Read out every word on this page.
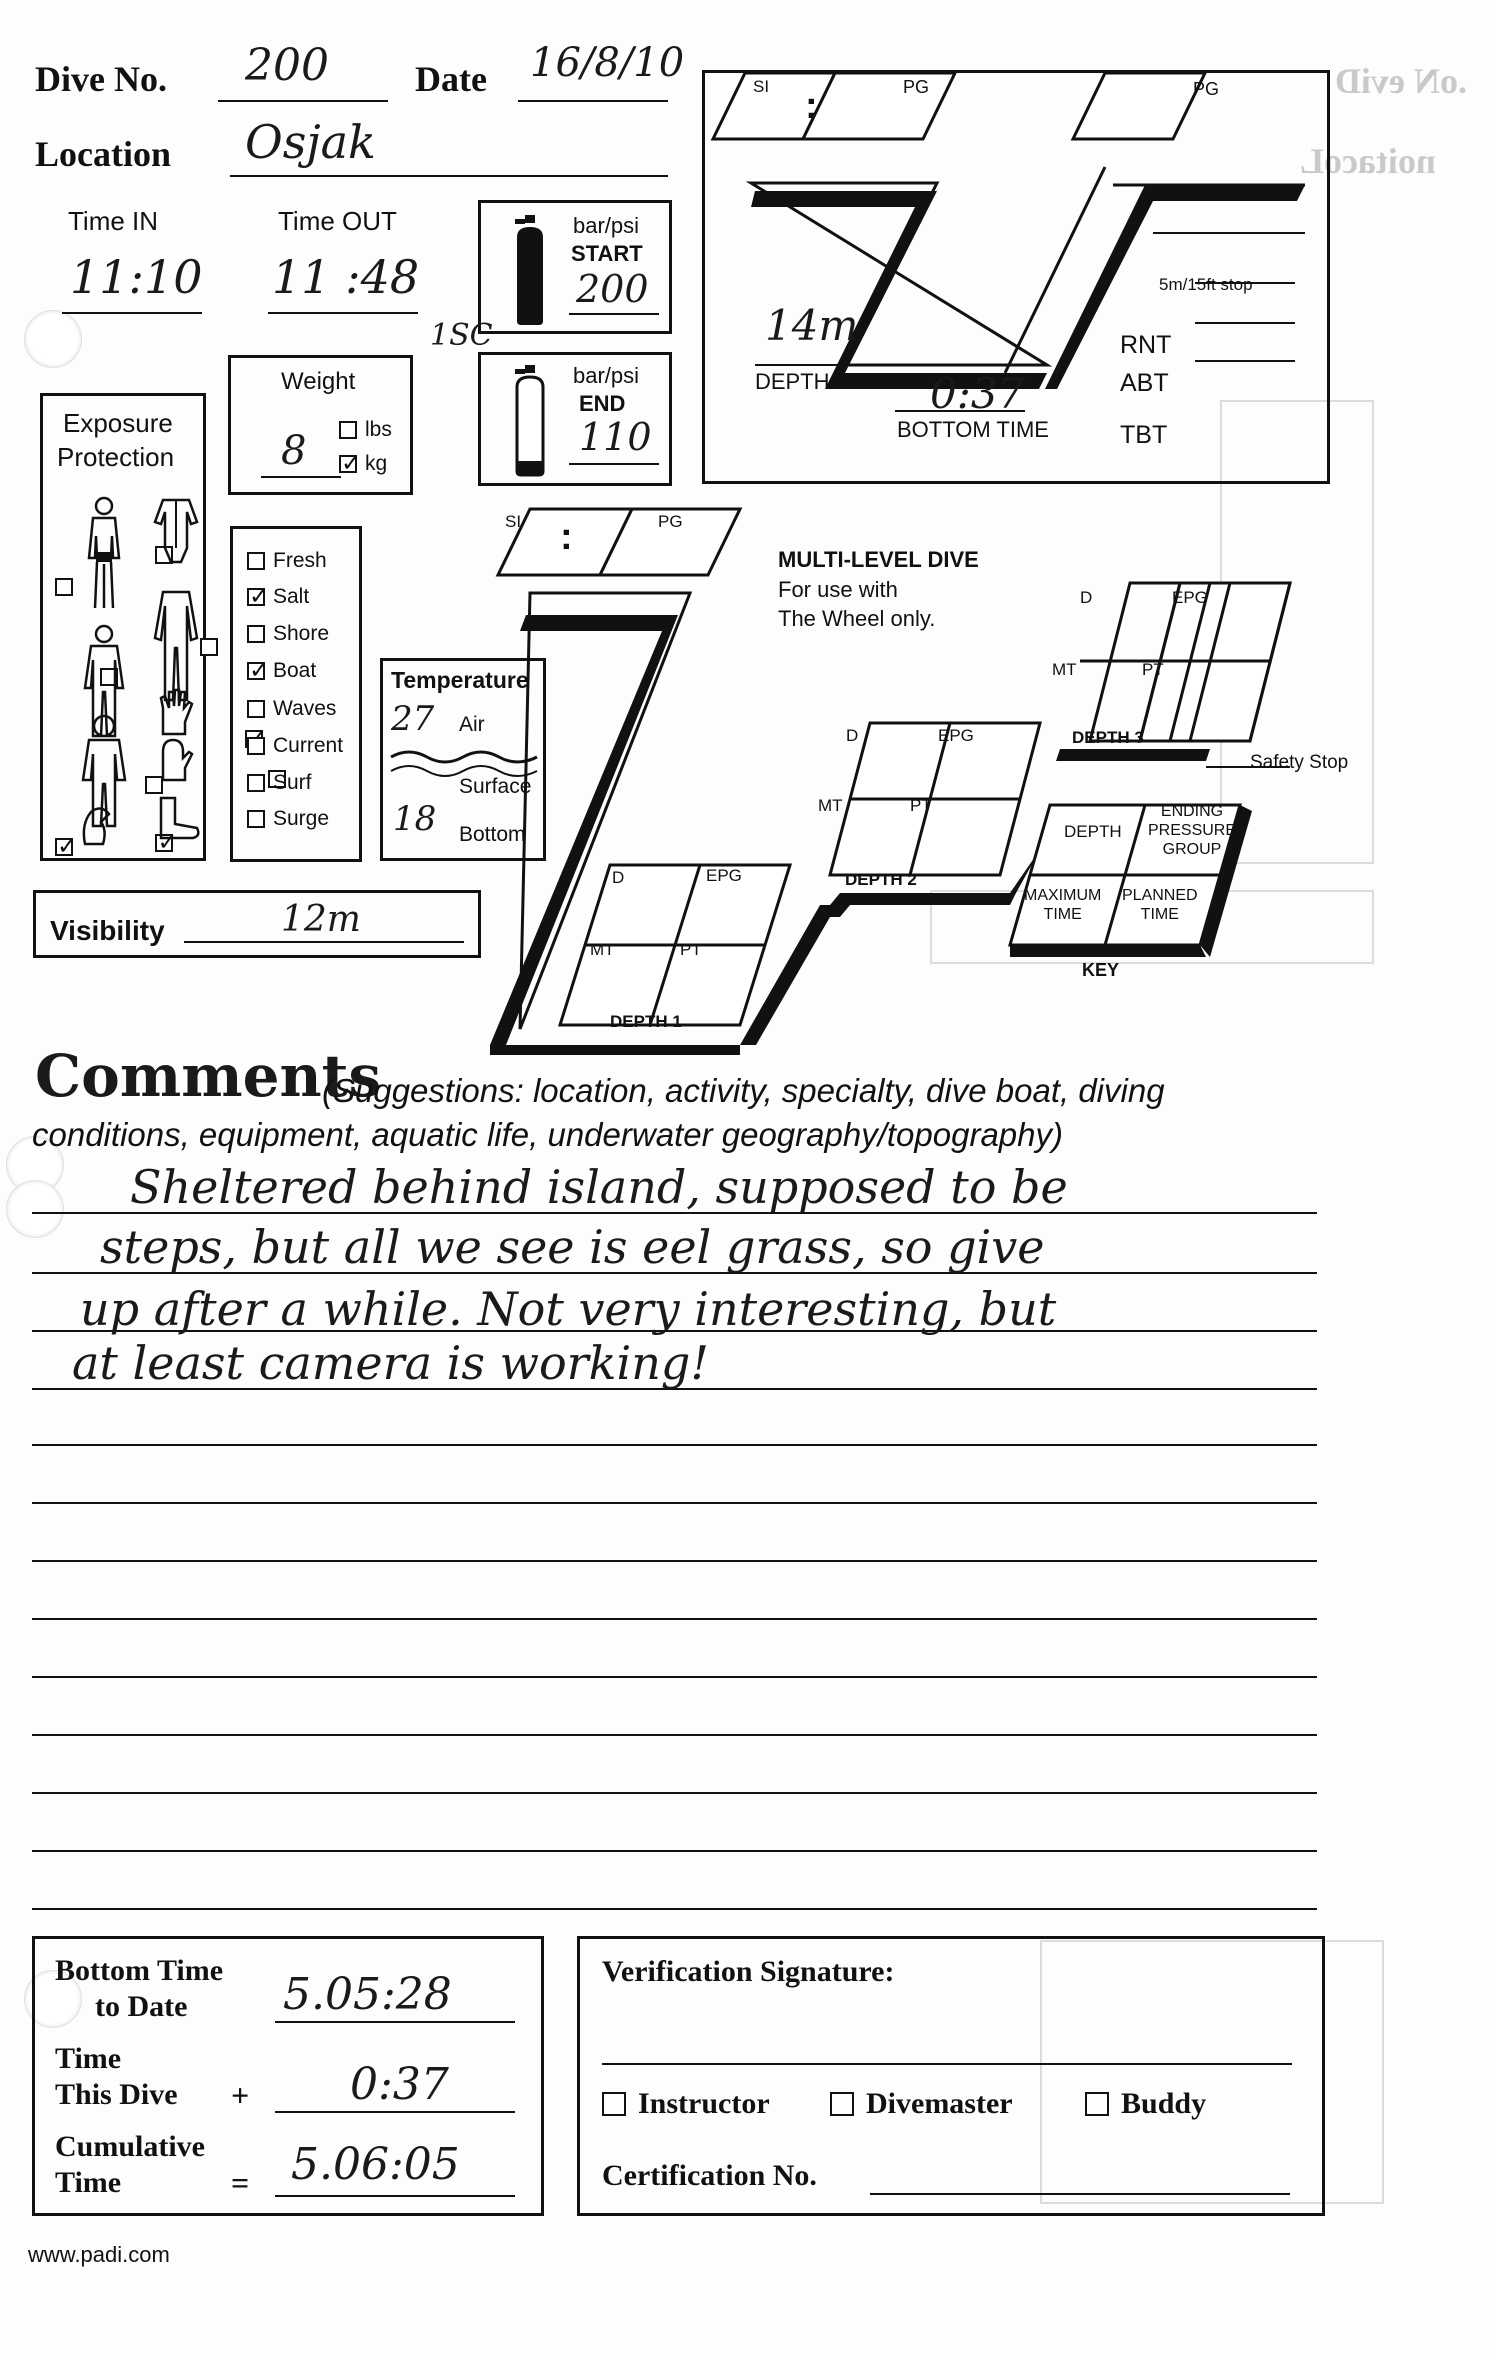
.oN eviD
noitacoL
Dive No. 200 Date 16/8/10
Location Osjak
Time IN
11:10
Time OUT
11 :48
bar/psi
START
200
1SC
bar/psi
END
110
Weight
8	lbs
✓
kg
Exposure
Protection

✓

✓
✓
Fresh
✓
Salt
Shore
✓
Boat
Waves
Current
Surf
Surge
Temperature
27 Air
Surface
18 Bottom
Visibility	12m
SI :	PG	PG
14m
DEPTH 0:37
BOTTOM TIME
5m/15ft stop
RNT
ABT
TBT
SI :	PG
MULTI-LEVEL DIVE
For use with
The Wheel only.
D	EPG
MT	PT
DEPTH 1
D	EPG
MT	PT
DEPTH 2
D	EPG
MT	PT
DEPTH 3
Safety Stop
DEPTH
ENDING
PRESSURE
GROUP
MAXIMUM
TIME
PLANNED
TIME
KEY
Comments
(Suggestions: location, activity, specialty, dive boat, diving
conditions, equipment, aquatic life, underwater geography/topography)
Sheltered behind island, supposed to be
steps, but all we see is eel grass, so give
up after a while. Not very interesting, but
at least camera is working!
Bottom Time
to Date	5.05:28
Time
This Dive + 0:37
Cumulative
Time	= 5.06:05
Verification Signature:
Instructor	Divemaster	Buddy
Certification No.
www.padi.com
